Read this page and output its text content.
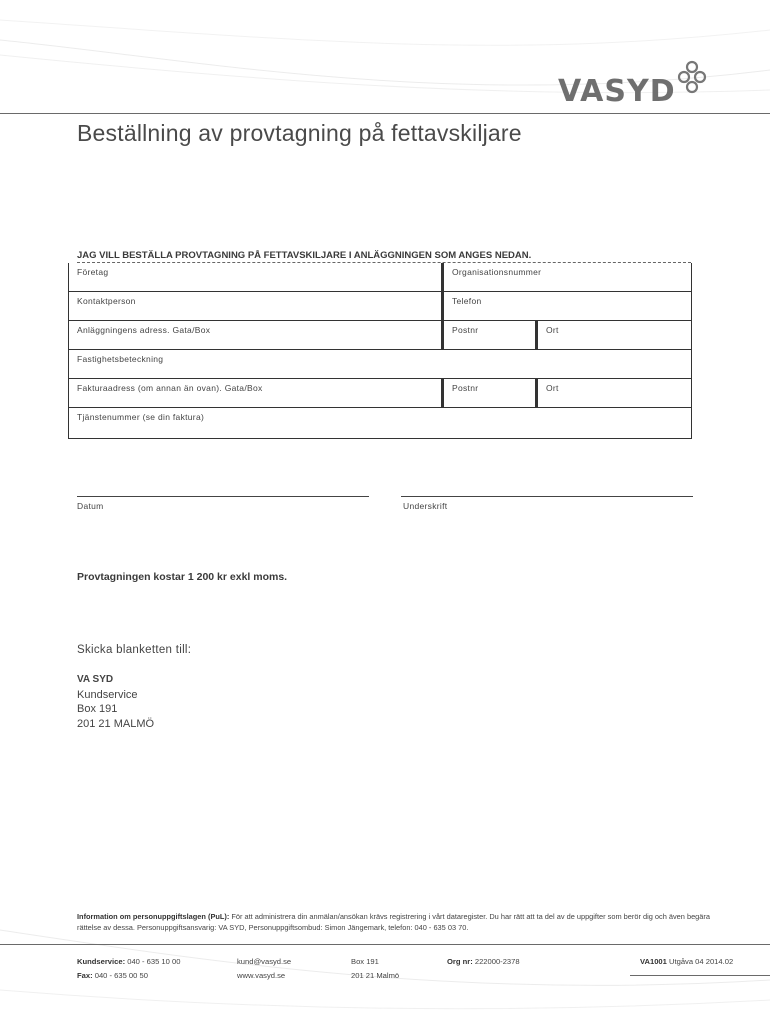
VASYD
Beställning av provtagning på fettavskiljare
JAG VILL BESTÄLLA PROVTAGNING PÅ FETTAVSKILJARE I ANLÄGGNINGEN SOM ANGES NEDAN.
Företag	Organisationsnummer
Kontaktperson	Telefon
Anläggningens adress. Gata/Box	Postnr	Ort
Fastighetsbeteckning
Fakturaadress (om annan än ovan). Gata/Box	Postnr	Ort
Tjänstenummer (se din faktura)
Datum	Underskrift
Provtagningen kostar 1 200 kr exkl moms.
Skicka blanketten till:
VA SYD
Kundservice
Box 191
201 21 MALMÖ
Information om personuppgiftslagen (PuL): För att administrera din anmälan/ansökan krävs registrering i vårt dataregister. Du har rätt att ta del av de uppgifter som berör dig och även begära rättelse av dessa. Personuppgiftsansvarig: VA SYD, Personuppgiftsombud: Simon Jängemark, telefon: 040 - 635 03 70.
Kundservice: 040 - 635 10 00
Fax: 040 - 635 00 50
kund@vasyd.se
www.vasyd.se
Box 191
201 21 Malmö
Org nr: 222000-2378	VA1001 Utgåva 04 2014.02
